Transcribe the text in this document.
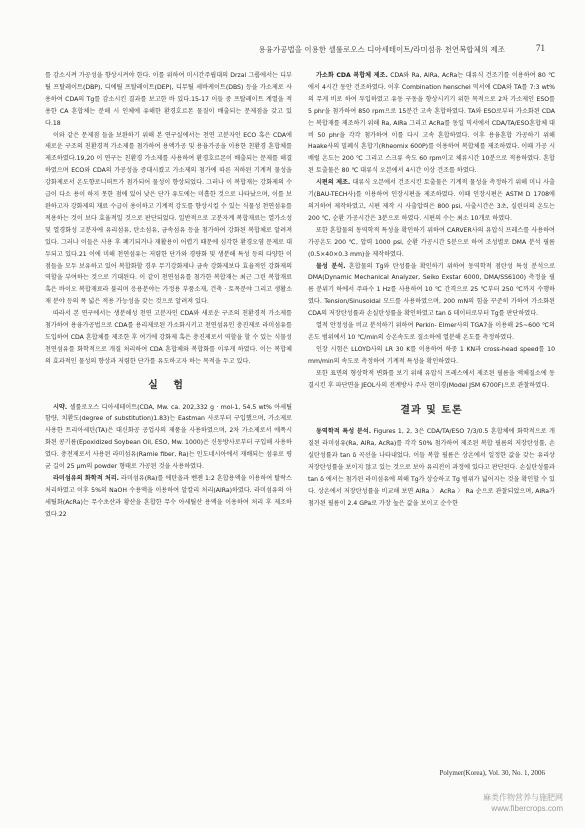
용융가공법을 이용한 셀룰로오스 디아세테이트/라미섬유 천연복합체의 제조	71

를 감소시켜 가공성을 향상시켜야 한다. 이를 위하여 미시간주립대의 Drzal 그룹에서는 디부틸 프탈레이트(DBP), 디에틸 프탈레이트(DEP), 디무틸 세바케이트(DBS) 등을 가소제로 사용하여 CDA의 Tg를 감소시킨 결과를 보고한 바 있다.15-17 이들 중 프탈레이트 계열을 적용한 CA 혼합체는 분해 시 인체에 유해한 환경호르몬 물질이 배출되는 문제점을 갖고 있다.18

이와 같은 문제점 들을 보완하기 위해 본 연구실에서는 천연 고분자인 ECO 혹은 CDA에 새로운 구조의 친환경적 가소제를 첨가하여 용액가공 및 용융가공을 이용한 친환경 혼합체를 제조하였다.19,20 이 연구는 친환경 가소제를 사용하여 환경호르몬이 배출되는 문제를 해결하였으며 ECO와 CDA의 가공성을 증대시켰고 가소제의 첨가에 따른 저하된 기계적 물성을 강화제로서 온도향로니떠트가 첨가되어 물성이 향상되었다. 그러나 이 복합재는 강화제의 수급이 다소 용이 하지 못한 점에 있어 낮은 단가 유도에는 미흡한 것으로 나타났으며, 이를 보완하고자 강화제의 재료 수급이 용이하고 기계적 강도를 향상시킬 수 있는 식물성 천연섬유를 적용하는 것이 보다 효율적일 것으로 판단되었다. 일반적으로 고분자계 복합재료는 열가소성 및 열경화성 고분자에 유리섬유, 탄소섬유, 금속섬유 등을 첨가하여 강화된 복합체로 알려져 있다. 그러나 이들은 사용 후 폐기되거나 재활용이 어렵기 때문에 심각한 환경오염 문제로 대두되고 있다.21 이에 미해 천연섬유는 저렴한 단가와 경량화 및 생분해 특성 등의 다양한 이점들을 모두 보유하고 있어 복합화할 경우 무기강화제나 금속 강화제보다 효율적인 강화제의 역할을 부여하는 것으로 기대된다. 이 같이 천연섬유를 첨가한 복합재는 최근 그린 복합재료 혹은 바이오 복합재료라 불리며 응용분야는 가정용 부품소재, 건축 · 토목분야 그리고 생활소재 분야 등의 폭 넓은 적용 가능성을 갖는 것으로 알려져 있다.

따라서 본 연구에서는 생분해성 천연 고분자인 CDA와 새로운 구조의 친환경적 가소제를 첨가하여 용융가공법으로 CDA를 용리제로된 가소화시키고 천연섬유인 충진제로 라미섬유를 도입하여 CDA 혼합체를 제조한 후 여기에 강화제 혹은 충진제로서 역할을 할 수 있는 식물성 천연섬유를 화학적으로 개질 처리하여 CDA 혼합체와 복합화를 이루게 하였다. 이는 복합체의 효과적인 물성의 향상과 저렴한 단가를 유도하고자 하는 목적을 두고 있다.

실 험

시약. 셀룰로오스 디아세테이트(CDA, Mw. ca. 202,332 g · mol-1, 54.5 wt% 아세틸 함량, 치환도(degree of substitution)1.83)는 Eastman 사로부터 구입했으며, 가소제로 사용한 트리아세틴(TA)은 대신화공 공업사의 제품을 사용하였으며, 2차 가소제로서 에폭시화된 콩기름(Epoxidized Soybean Oil, ESO, Mw. 1000)은 신동방사로부터 구입해 사용하였다. 충전제로서 사용된 라미섬유(Ramie fiber, Ra)는 인도네시아에서 재배되는 섬유로 평균 길이 25 μm의 powder 형태로 가공된 것을 사용하였다.

라미섬유의 화학적 처리. 라미섬유(Ra)를 에탄올과 벤젠 1:2 혼합용액을 이용하여 탈락스 처리하였고 이후 5%의 NaOH 수용액을 이용하여 알칼리 처리(AlRa)하였다. 라미섬유의 아세틸화(AcRa)는 무수초산과 황산을 혼합한 무수 아세틸산 용액을 이용하여 처리 후 제조하였다.22

가소화 CDA 복합체 제조. CDA와 Ra, AlRa, AcRa는 대류식 건조기를 이용하여 80 ℃에서 4시간 동안 건조하였다. 이후 Combination henschel 믹서에 CDA와 TA를 7:3 wt%의 무게 비로 하여 투입하였고 유동 구동을 향상시키기 위한 목적으로 2차 가소제인 ESO를 5 phr을 첨가하여 850 rpm으로 15분간 고속 혼합하였다. TA와 ESO로부터 가소화된 CDA는 복합재를 제조하기 위해 Ra, AlRa 그리고 AcRa를 동일 믹서에서 CDA/TA/ESO혼합체 대비 50 phr을 각각 첨가하여 이를 다시 고속 혼합하였다. 이후 용융혼합 가공하기 위해 Haake사의 밀폐식 혼합기(Rheomix 600P)를 이용하여 복합체를 제조하였다. 이때 가공 시 배럴 온도는 200 ℃ 그리고 스크류 속도 60 rpm이고 체류시간 10분으로 적용하였다. 혼합된 토출물은 80 ℃ 대류식 오븐에서 4시간 이상 건조를 하였다.

시편의 제조. 대류식 오븐에서 건조시킨 토출물은 기계적 물성을 측정하기 위해 미니 사출기(BAU-TECH사)를 이용하여 인장시편을 제조하였다. 이때 인장시편은 ASTM D 1708에 의거하여 제작하였고, 시편 제작 시 사출압력은 800 psi, 사출시간은 3초, 실린더의 온도는 200 ℃, 순환 가공시간은 3분으로 하였다. 시편의 수는 최소 10개로 하였다.

또한 혼합물의 동역학적 특성을 확인하기 위하여 CARVER사의 유압식 프레스를 사용하여 가공온도 200 ℃, 압력 1000 psi, 순환 가공시간 5분으로 하여 조성별로 DMA 분석 필름(0.5×40×0.3 mm)을 제작하였다.

물성 분석. 혼합물의 Tg와 탄성률을 확인하기 위하여 동역학적 점탄성 특성 분석으로 DMA(Dynamic Mechanical Analyzer, Seiko Exstar 6000, DMA/SS6100) 측정을 필름 분위기 하에서 주파수 1 Hz를 사용하여 10 ℃ 간격으로 25 ℃부터 250 ℃까지 수행하였다. Tension/Sinusoidal 모드를 사용하였으며, 200 mN의 힘을 꾸준히 가하여 가소화된 CDA의 저장탄성률과 손실탄성률을 확인하였고 tan δ 데이터로부터 Tg를 판단하였다.

열적 안정성을 비교 분석하기 위하여 Perkin- Elmer사의 TGA7을 이용해 25~600 ℃의 온도 범위에서 10 ℃/min의 승온속도로 질소하에 열분해 온도를 측정하였다.

인장 시험은 LLOYD사의 LR 30 K를 이용하여 하중 1 KN과 cross-head speed를 10 mm/min의 속도로 측정하여 기계적 특성을 확인하였다.

또한 표면의 형상학적 변화를 보기 위해 유압식 프레스에서 제조된 필름을 액체질소에 동결시킨 후 파단면을 JEOL사의 전계방사 주사 현미경(Model JSM 6700F)으로 관찰하였다.

결과 및 토론

동역학적 특성 분석. Figures 1, 2, 3은 CDA/TA/ESO 7/3/0.5 혼합체에 화학적으로 개질된 라미섬유(Ra, AlRa, AcRa)를 각각 50% 첨가하여 제조된 복합 필름의 저장탄성률, 손실탄성률과 tan δ 곡선을 나타내었다. 이들 복합 필름은 상온에서 일정한 값을 갖는 유리상 저장탄성률을 보이지 않고 있는 것으로 보아 유리전이 과정에 있다고 판단된다. 손실탄성률과 tan δ 에서는 첨가된 라미섬유에 의해 Tg가 상승하고 Tg 범위가 넓어지는 것을 확인할 수 있다. 상온에서 저장탄성률을 비교해 보면 AlRa 〉 AcRa 〉 Ra 순으로 관찰되었으며, AlRa가 첨가된 필름이 2.4 GPa로 가장 높은 값을 보이고 순수한

Polymer(Korea), Vol. 30, No. 1, 2006
麻类作物营养与施肥网
www.fibercrops.com
